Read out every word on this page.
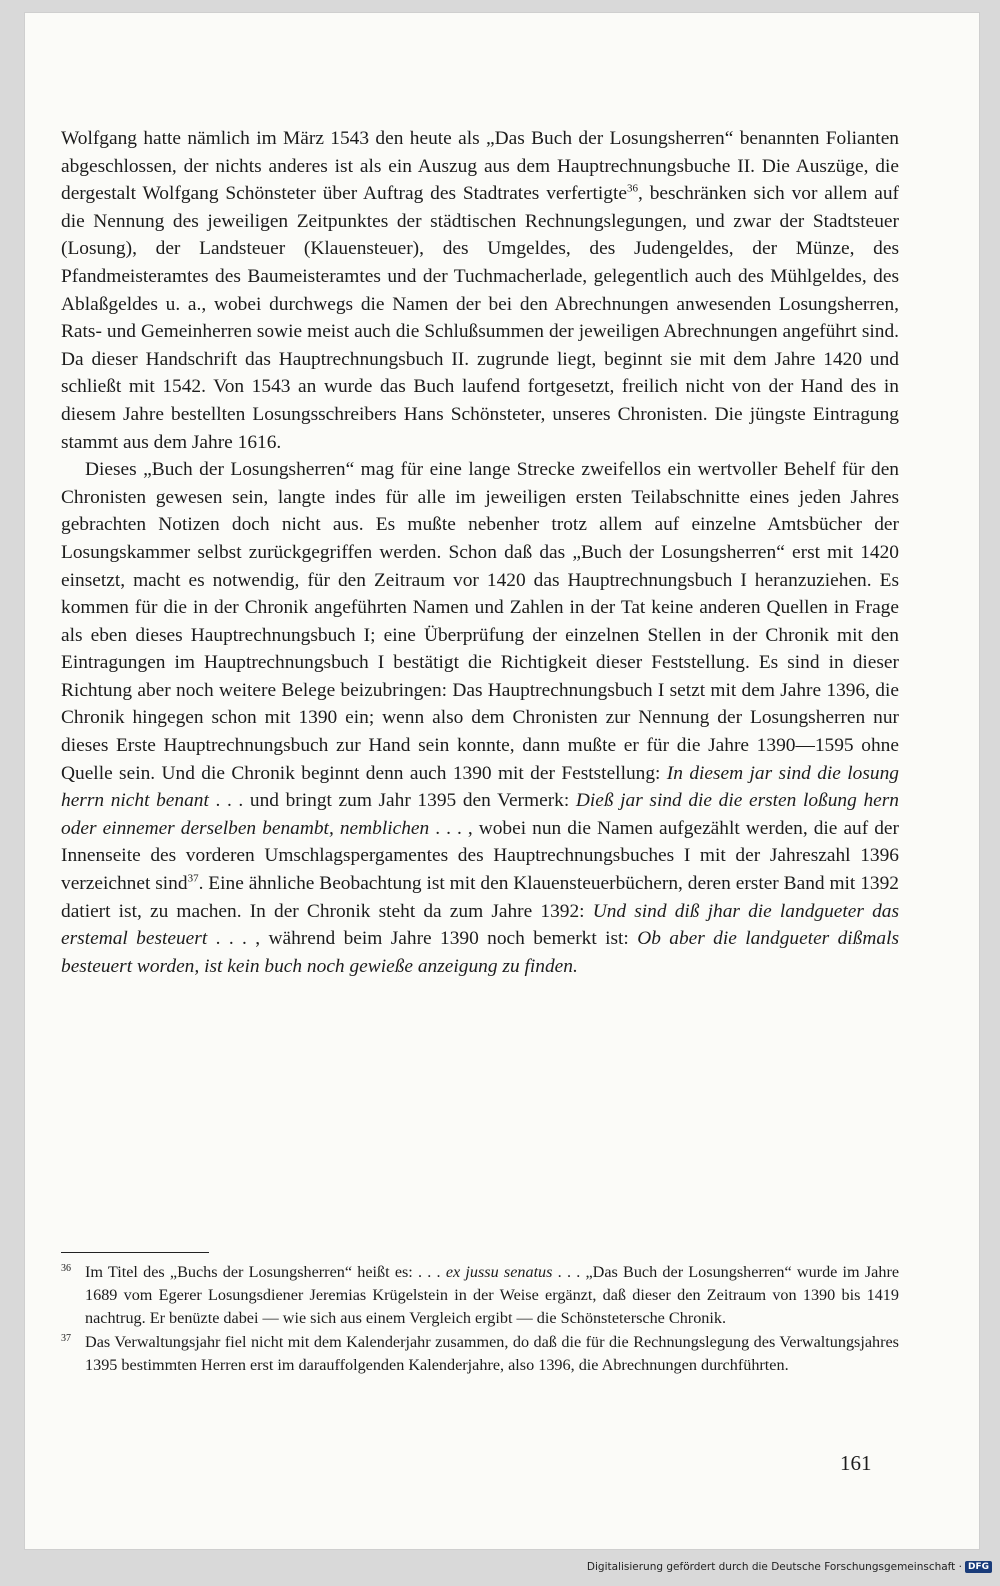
Wolfgang hatte nämlich im März 1543 den heute als „Das Buch der Losungsherren“ benannten Folianten abgeschlossen, der nichts anderes ist als ein Auszug aus dem Hauptrechnungsbuche II. Die Auszüge, die dergestalt Wolfgang Schönsteter über Auftrag des Stadtrates verfertigte$^{36}$, beschränken sich vor allem auf die Nennung des jeweiligen Zeitpunktes der städtischen Rechnungslegungen, und zwar der Stadtsteuer (Losung), der Landsteuer (Klauensteuer), des Umgeldes, des Judengeldes, der Münze, des Pfandmeisteramtes des Baumeisteramtes und der Tuchmacherlade, gelegentlich auch des Mühlgeldes, des Ablaßgeldes u. a., wobei durchwegs die Namen der bei den Abrechnungen anwesenden Losungsherren, Rats- und Gemeinherren sowie meist auch die Schlußsummen der jeweiligen Abrechnungen angeführt sind. Da dieser Handschrift das Hauptrechnungsbuch II. zugrunde liegt, beginnt sie mit dem Jahre 1420 und schließt mit 1542. Von 1543 an wurde das Buch laufend fortgesetzt, freilich nicht von der Hand des in diesem Jahre bestellten Losungsschreibers Hans Schönsteter, unseres Chronisten. Die jüngste Eintragung stammt aus dem Jahre 1616.

Dieses „Buch der Losungsherren“ mag für eine lange Strecke zweifellos ein wertvoller Behelf für den Chronisten gewesen sein, langte indes für alle im jeweiligen ersten Teilabschnitte eines jeden Jahres gebrachten Notizen doch nicht aus. Es mußte nebenher trotz allem auf einzelne Amtsbücher der Losungskammer selbst zurückgegriffen werden. Schon daß das „Buch der Losungsherren“ erst mit 1420 einsetzt, macht es notwendig, für den Zeitraum vor 1420 das Hauptrechnungsbuch I heranzuziehen. Es kommen für die in der Chronik angeführten Namen und Zahlen in der Tat keine anderen Quellen in Frage als eben dieses Hauptrechnungsbuch I; eine Überprüfung der einzelnen Stellen in der Chronik mit den Eintragungen im Hauptrechnungsbuch I bestätigt die Richtigkeit dieser Feststellung. Es sind in dieser Richtung aber noch weitere Belege beizubringen: Das Hauptrechnungsbuch I setzt mit dem Jahre 1396, die Chronik hingegen schon mit 1390 ein; wenn also dem Chronisten zur Nennung der Losungsherren nur dieses Erste Hauptrechnungsbuch zur Hand sein konnte, dann mußte er für die Jahre 1390—1595 ohne Quelle sein. Und die Chronik beginnt denn auch 1390 mit der Feststellung: In diesem jar sind die losung herrn nicht benant . . . und bringt zum Jahr 1395 den Vermerk: Dieß jar sind die die ersten loßung hern oder einnemer derselben benambt, nemblichen . . . , wobei nun die Namen aufgezählt werden, die auf der Innenseite des vorderen Umschlagspergamentes des Hauptrechnungsbuches I mit der Jahreszahl 1396 verzeichnet sind$^{37}$. Eine ähnliche Beobachtung ist mit den Klauensteuerbüchern, deren erster Band mit 1392 datiert ist, zu machen. In der Chronik steht da zum Jahre 1392: Und sind diß jhar die landgueter das erstemal besteuert . . . , während beim Jahre 1390 noch bemerkt ist: Ob aber die landgueter dißmals besteuert worden, ist kein buch noch gewieße anzeigung zu finden.

36 Im Titel des „Buchs der Losungsherren“ heißt es: . . . ex jussu senatus . . . „Das Buch der Losungsherren“ wurde im Jahre 1689 vom Egerer Losungsdiener Jeremias Krügelstein in der Weise ergänzt, daß dieser den Zeitraum von 1390 bis 1419 nachtrug. Er benüzte dabei — wie sich aus einem Vergleich ergibt — die Schönstetersche Chronik.

37 Das Verwaltungsjahr fiel nicht mit dem Kalenderjahr zusammen, do daß die für die Rechnungslegung des Verwaltungsjahres 1395 bestimmten Herren erst im darauffolgenden Kalenderjahre, also 1396, die Abrechnungen durchführten.

161
Digitalisierung gefördert durch die Deutsche Forschungsgemeinschaft · DFG
